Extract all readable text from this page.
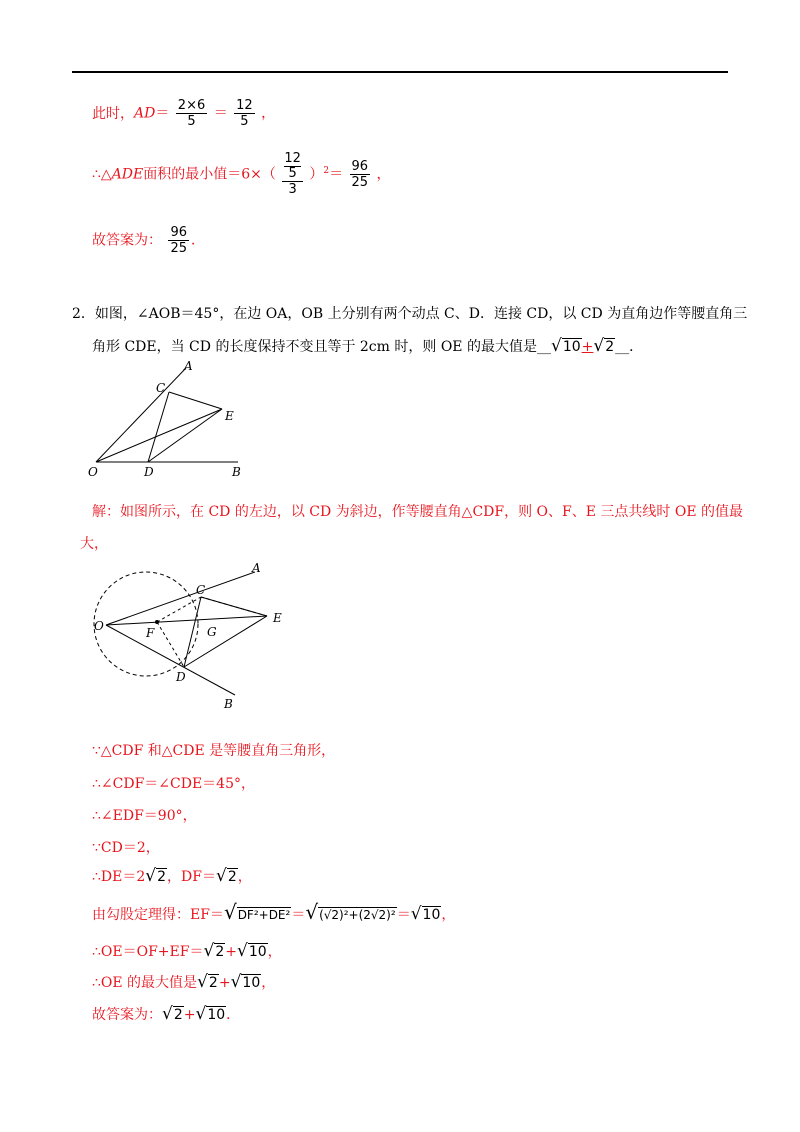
此时，$AD= \frac{2\times 6}{5} = \frac{12}{5}$ ，
∴△ADE面积的最小值＝6×（ 12
5
3 ）$^2= \frac{96}{25}$ ，
故答案为： $\frac{96}{25}$ ．
2．如图，∠AOB＝45°，在边 OA，OB 上分别有两个动点 C、D．连接 CD，以 CD 为直角边作等腰直角三
角形 CDE，当 CD 的长度保持不变且等于 2cm 时，则 OE 的最大值是__√10+√2__．
A
C
E
O	D	B
解：如图所示，在 CD 的左边，以 CD 为斜边，作等腰直角△CDF，则 O、F、E 三点共线时 OE 的值最
大，
A
C
O	F	G
E
D
B
∵△CDF 和△CDE 是等腰直角三角形，
∴∠CDF＝∠CDE＝45°，
∴∠EDF＝90°，
∵CD＝2，
∴DE＝2√2，DF＝√2，
由勾股定理得：EF＝√DF²+DE²＝√(√2)²+(2√2)²＝√10，
∴OE＝OF+EF＝√2+√10，
∴OE 的最大值是√2+√10，
故答案为：√2+√10．
